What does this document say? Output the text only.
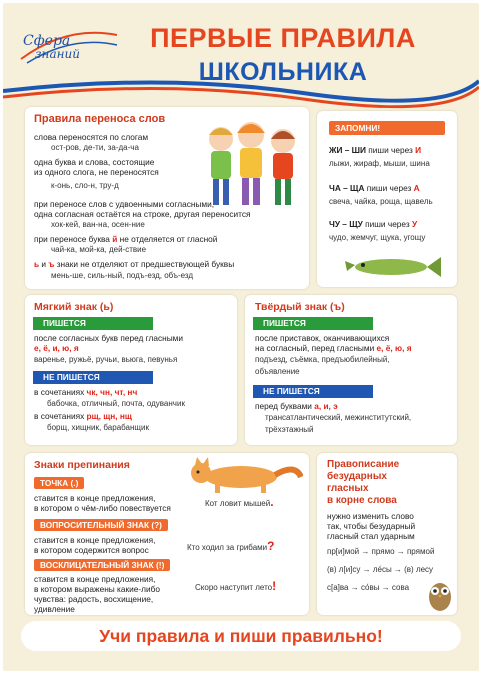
Сфера
знаний
ПЕРВЫЕ ПРАВИЛА
ШКОЛЬНИКА
Правила переноса слов
слова переносятся по слогам
ост-ров, де-ти, за-да-ча
одна буква и слова, состоящие
из одного слога, не переносятся
к-онь, сло-н, тру-д
при переносе слов с удвоенными согласными,
одна согласная остаётся на строке, другая переносится
хок-кей, ван-на, осен-ние
при переносе буква й не отделяется от гласной
чай-ка, мой-ка, дей-ствие
ь и ъ знаки не отделяют от предшествующей буквы
мень-ше, силь-ный, подъ-езд, объ-езд
ЗАПОМНИ!
ЖИ – ШИ пиши через И
лыжи, жираф, мыши, шина
ЧА – ЩА пиши через А
свеча, чайка, роща, щавель
ЧУ – ЩУ пиши через У
чудо, жемчуг, щука, угощу
Мягкий знак (ь)
ПИШЕТСЯ
после согласных букв перед гласными
е, ё, и, ю, я
варенье, ружьё, ручьи, вьюга, певунья
НЕ ПИШЕТСЯ
в сочетаниях чк, чн, чт, нч
бабочка, отличный, почта, одуванчик
в сочетаниях рщ, щн, нщ
борщ, хищник, барабанщик
Твёрдый знак (ъ)
ПИШЕТСЯ
после приставок, оканчивающихся
на согласный, перед гласными е, ё, ю, я
подъезд, съёмка, предъюбилейный,
объявление
НЕ ПИШЕТСЯ
перед буквами а, и, э
трансатлантический, межинститутский,
трёхэтажный
Знаки препинания
ТОЧКА (.)
ставится в конце предложения,
в котором о чём-либо повествуется	Кот ловит мышей.
ВОПРОСИТЕЛЬНЫЙ ЗНАК (?)
ставится в конце предложения,
в котором содержится вопрос	Кто ходил за грибами?
ВОСКЛИЦАТЕЛЬНЫЙ ЗНАК (!)
ставится в конце предложения,
в котором выражены какие-либо
чувства: радость, восхищение,
удивление
Скоро наступит лето!
Правописание
безударных
гласных
в корне слова
нужно изменить слово
так, чтобы безударный
гласный стал ударным
пр[и]мой → прямо → прямой
(в) л[и]су → ле́сы → (в) лесу
с[а]ва → со́вы → сова
Учи правила и пиши правильно!
